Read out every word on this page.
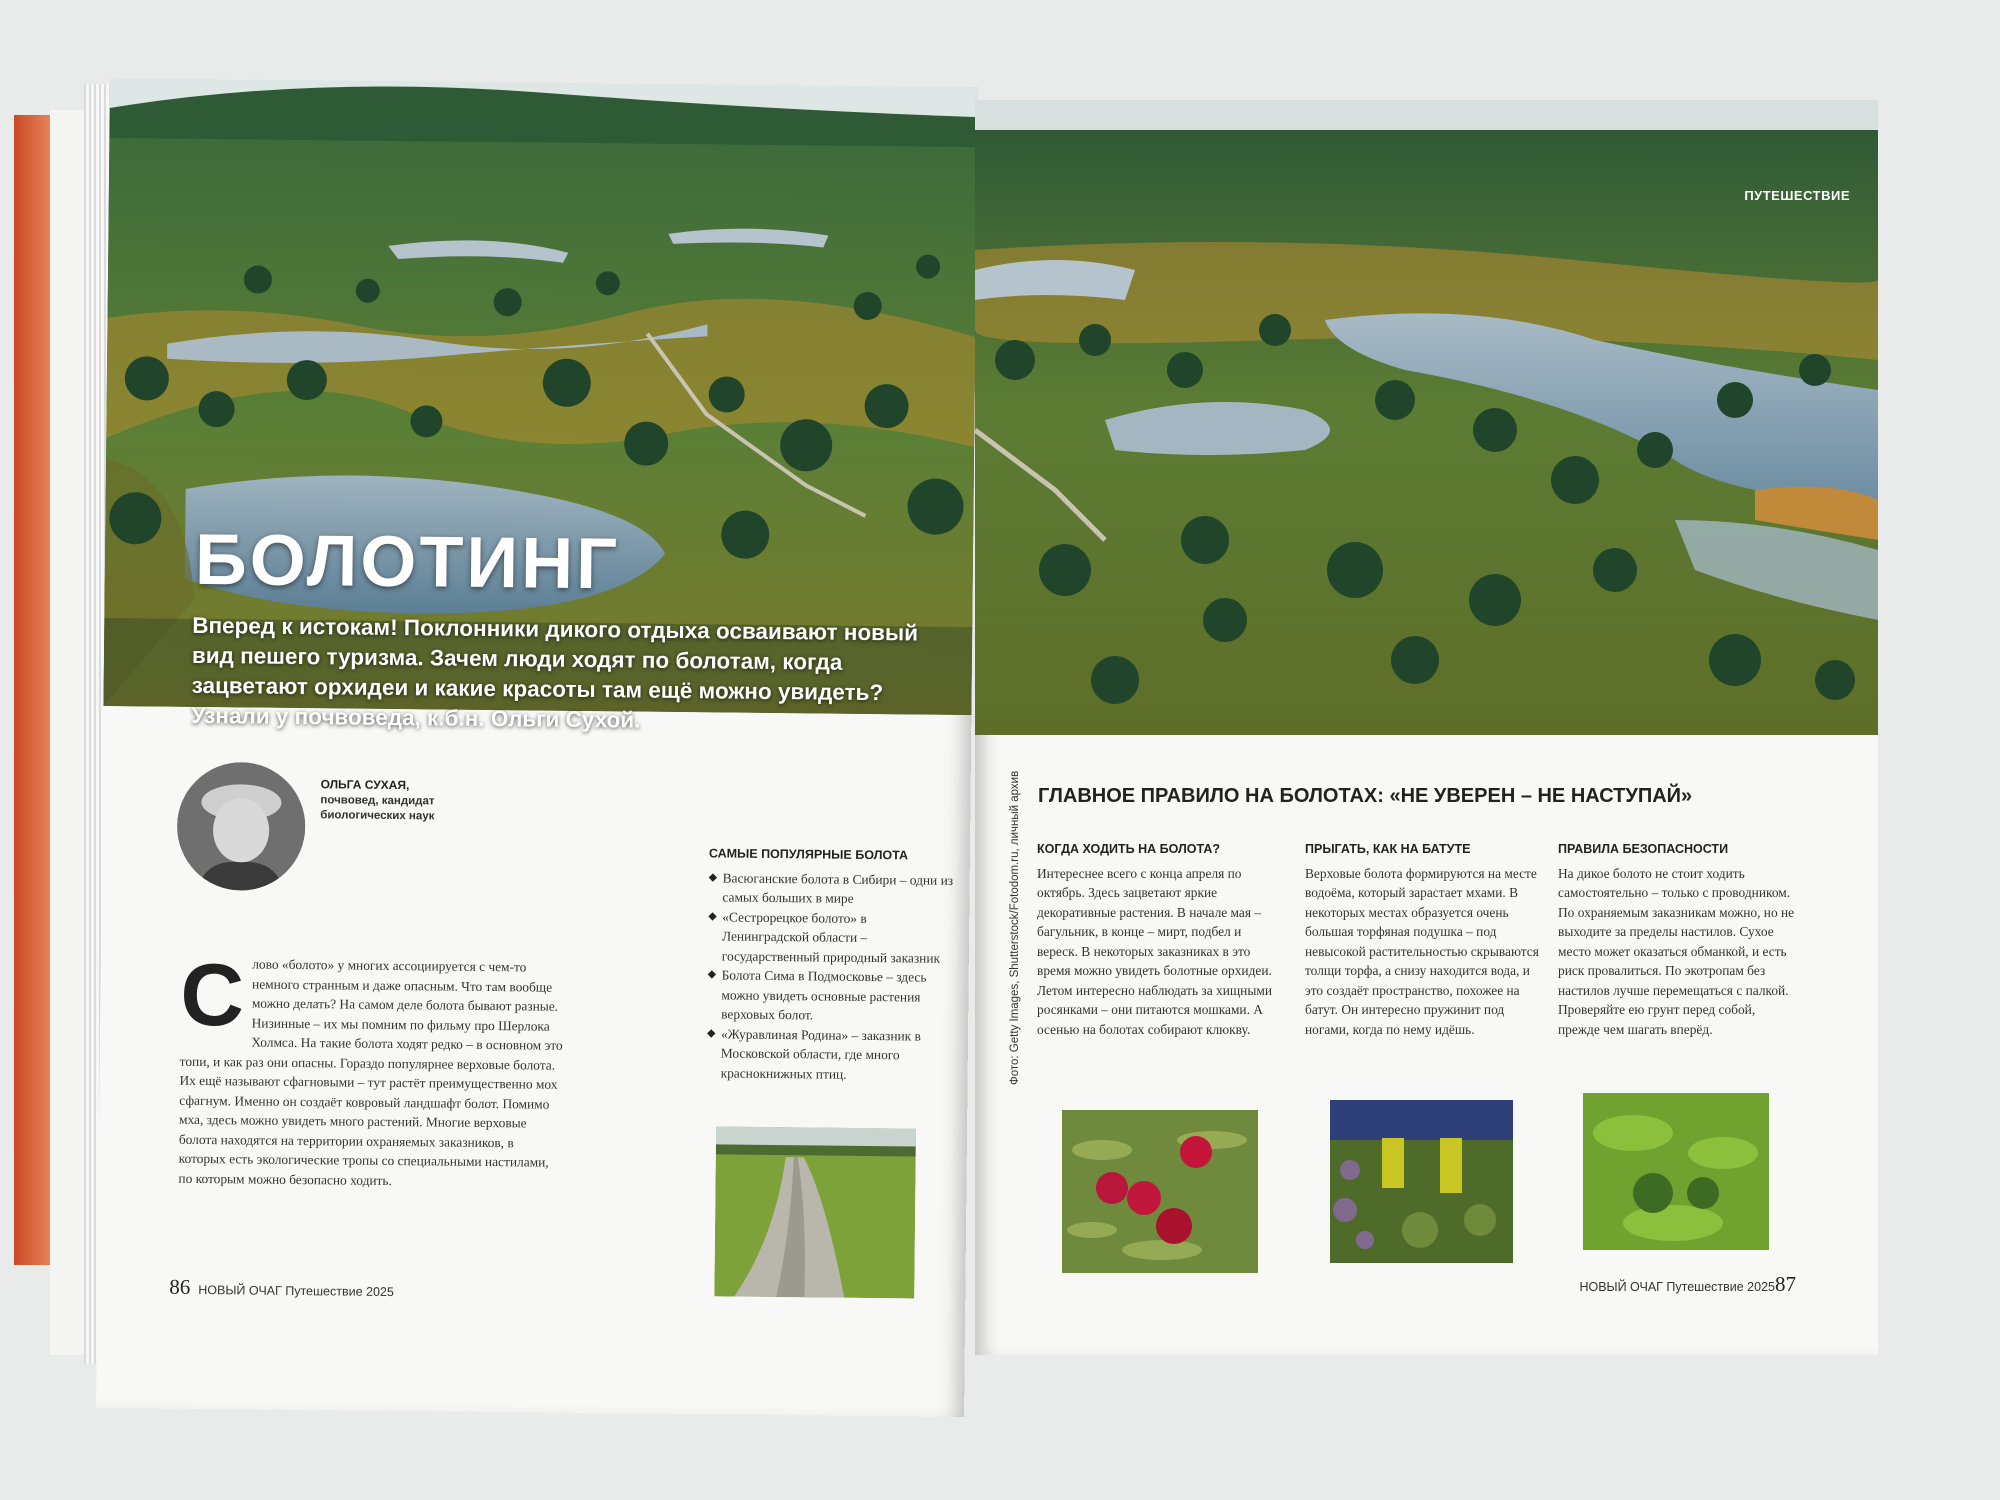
БОЛОТИНГ
Вперед к истокам! Поклонники дикого отдыха осваивают новый вид пешего туризма. Зачем люди ходят по болотам, когда зацветают орхидеи и какие красоты там ещё можно увидеть? Узнали у почвоведа, к.б.н. Ольги Сухой.
ОЛЬГА СУХАЯ,
почвовед, кандидат биологических наук
Слово «болото» у многих ассоциируется с чем-то немного странным и даже опасным. Что там вообще можно делать? На самом деле болота бывают разные. Низинные – их мы помним по фильму про Шерлока Холмса. На такие болота ходят редко – в основном это топи, и как раз они опасны. Гораздо популярнее верховые болота. Их ещё называют сфагновыми – тут растёт преимущественно мох сфагнум. Именно он создаёт ковровый ландшафт болот. Помимо мха, здесь можно увидеть много растений. Многие верховые болота находятся на территории охраняемых заказников, в которых есть экологические тропы со специальными настилами, по которым можно безопасно ходить.
САМЫЕ ПОПУЛЯРНЫЕ БОЛОТА
◆ Васюганские болота в Сибири – одни из самых больших в мире
◆ «Сестрорецкое болото» в Ленинградской области – государственный природный заказник
◆ Болота Сима в Подмосковье – здесь можно увидеть основные растения верховых болот.
◆ «Журавлиная Родина» – заказник в Московской области, где много краснокнижных птиц.
86 НОВЫЙ ОЧАГ Путешествие 2025
ПУТЕШЕСТВИЕ
ГЛАВНОЕ ПРАВИЛО НА БОЛОТАХ: «НЕ УВЕРЕН – НЕ НАСТУПАЙ»
Фото: Getty Images, Shutterstock/Fotodom.ru, личный архив КОГДА ХОДИТЬ НА БОЛОТА?
Интереснее всего с конца апреля по октябрь. Здесь зацветают яркие декоративные растения. В начале мая – багульник, в конце – мирт, подбел и вереск. В некоторых заказниках в это время можно увидеть болотные орхидеи. Летом интересно наблюдать за хищными росянками – они питаются мошками. А осенью на болотах собирают клюкву.
ПРЫГАТЬ, КАК НА БАТУТЕ
Верховые болота формируются на месте водоёма, который зарастает мхами. В некоторых местах образуется очень большая торфяная подушка – под невысокой растительностью скрываются толщи торфа, а снизу находится вода, и это создаёт пространство, похожее на батут. Он интересно пружинит под ногами, когда по нему идёшь.
ПРАВИЛА БЕЗОПАСНОСТИ
На дикое болото не стоит ходить самостоятельно – только с проводником. По охраняемым заказникам можно, но не выходите за пределы настилов. Сухое место может оказаться обманкой, и есть риск провалиться. По экотропам без настилов лучше перемещаться с палкой. Проверяйте ею грунт перед собой, прежде чем шагать вперёд.
НОВЫЙ ОЧАГ Путешествие 202587
